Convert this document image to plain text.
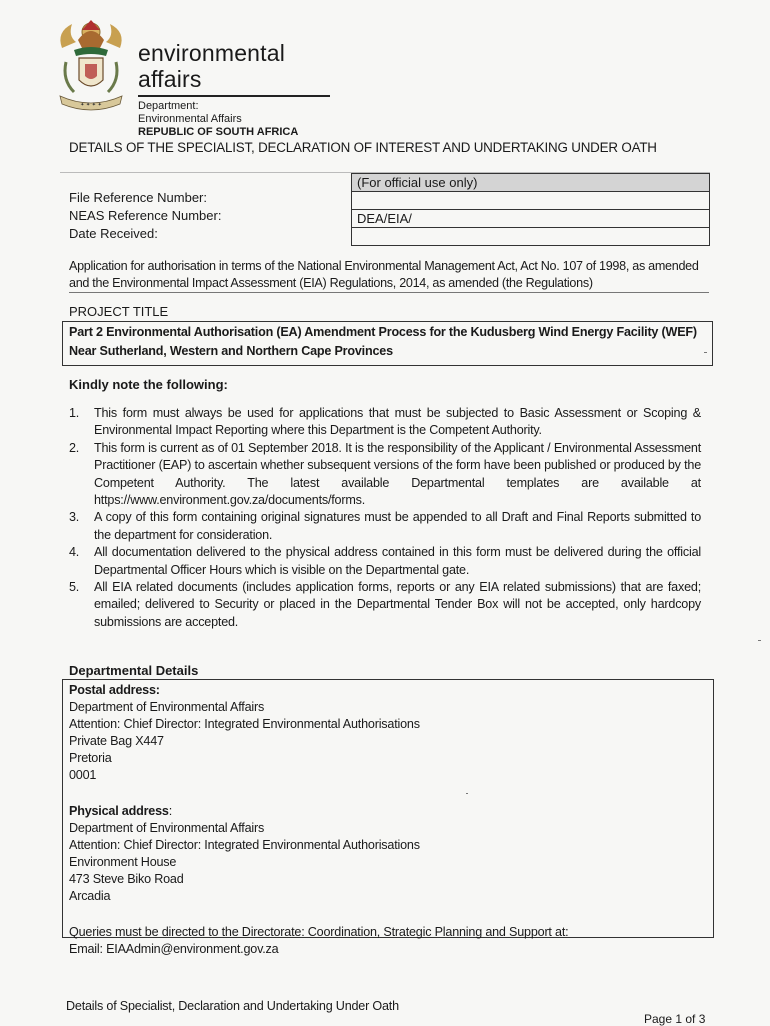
✦ ✦ ✦ ✦
environmental affairs
Department:
Environmental Affairs
REPUBLIC OF SOUTH AFRICA
DETAILS OF THE SPECIALIST, DECLARATION OF INTEREST AND UNDERTAKING UNDER OATH
File Reference Number:
NEAS Reference Number:
Date Received:
(For official use only)
DEA/EIA/
Application for authorisation in terms of the National Environmental Management Act, Act No. 107 of 1998, as amended and the Environmental Impact Assessment (EIA) Regulations, 2014, as amended (the Regulations)
PROJECT TITLE
Part 2 Environmental Authorisation (EA) Amendment Process for the Kudusberg Wind Energy Facility (WEF)
Near Sutherland, Western and Northern Cape Provinces
Kindly note the following:
1. This form must always be used for applications that must be subjected to Basic Assessment or Scoping & Environmental Impact Reporting where this Department is the Competent Authority.
2. This form is current as of 01 September 2018. It is the responsibility of the Applicant / Environmental Assessment Practitioner (EAP) to ascertain whether subsequent versions of the form have been published or produced by the Competent Authority. The latest available Departmental templates are available at https://www.environment.gov.za/documents/forms.
3. A copy of this form containing original signatures must be appended to all Draft and Final Reports submitted to the department for consideration.
4. All documentation delivered to the physical address contained in this form must be delivered during the official Departmental Officer Hours which is visible on the Departmental gate.
5. All EIA related documents (includes application forms, reports or any EIA related submissions) that are faxed; emailed; delivered to Security or placed in the Departmental Tender Box will not be accepted, only hardcopy submissions are accepted.
Departmental Details
Postal address:
Department of Environmental Affairs
Attention: Chief Director: Integrated Environmental Authorisations
Private Bag X447
Pretoria
0001
Physical address:
Department of Environmental Affairs
Attention: Chief Director: Integrated Environmental Authorisations
Environment House
473 Steve Biko Road
Arcadia
Queries must be directed to the Directorate: Coordination, Strategic Planning and Support at:
Email: EIAAdmin@environment.gov.za
Details of Specialist, Declaration and Undertaking Under Oath
Page 1 of 3
